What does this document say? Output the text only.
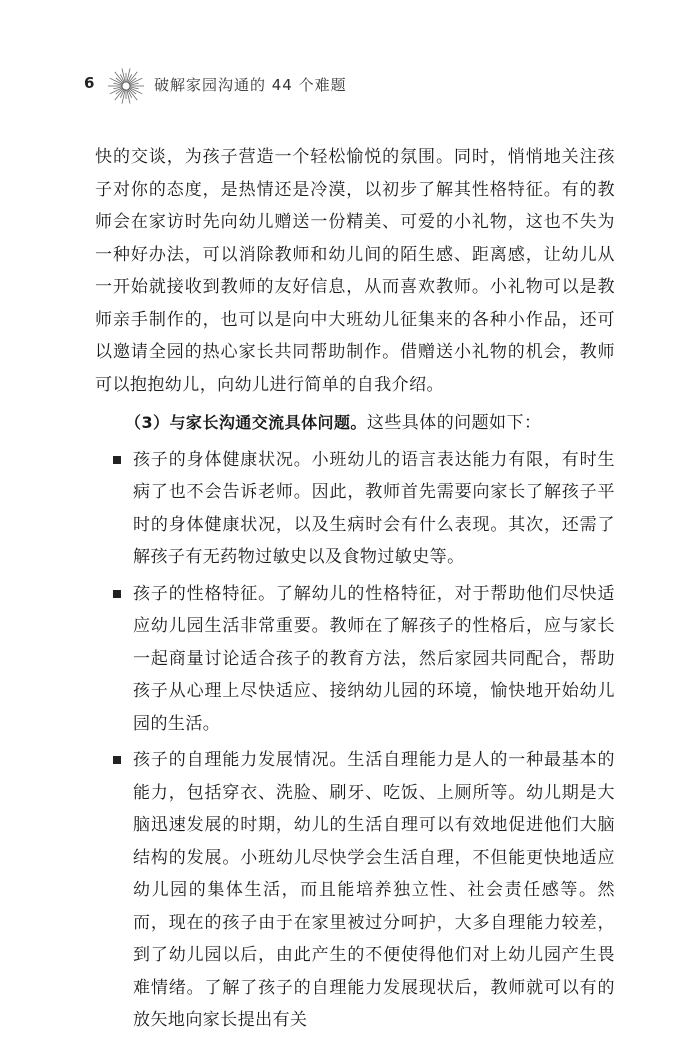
6	破解家园沟通的 44 个难题

快的交谈，为孩子营造一个轻松愉悦的氛围。同时，悄悄地关注孩子对你的态度，是热情还是冷漠，以初步了解其性格特征。有的教师会在家访时先向幼儿赠送一份精美、可爱的小礼物，这也不失为一种好办法，可以消除教师和幼儿间的陌生感、距离感，让幼儿从一开始就接收到教师的友好信息，从而喜欢教师。小礼物可以是教师亲手制作的，也可以是向中大班幼儿征集来的各种小作品，还可以邀请全园的热心家长共同帮助制作。借赠送小礼物的机会，教师可以抱抱幼儿，向幼儿进行简单的自我介绍。

（3）与家长沟通交流具体问题。这些具体的问题如下：

孩子的身体健康状况。小班幼儿的语言表达能力有限，有时生病了也不会告诉老师。因此，教师首先需要向家长了解孩子平时的身体健康状况，以及生病时会有什么表现。其次，还需了解孩子有无药物过敏史以及食物过敏史等。
孩子的性格特征。了解幼儿的性格特征，对于帮助他们尽快适应幼儿园生活非常重要。教师在了解孩子的性格后，应与家长一起商量讨论适合孩子的教育方法，然后家园共同配合，帮助孩子从心理上尽快适应、接纳幼儿园的环境，愉快地开始幼儿园的生活。
孩子的自理能力发展情况。生活自理能力是人的一种最基本的能力，包括穿衣、洗脸、刷牙、吃饭、上厕所等。幼儿期是大脑迅速发展的时期，幼儿的生活自理可以有效地促进他们大脑结构的发展。小班幼儿尽快学会生活自理，不但能更快地适应幼儿园的集体生活，而且能培养独立性、社会责任感等。然而，现在的孩子由于在家里被过分呵护，大多自理能力较差，到了幼儿园以后，由此产生的不便使得他们对上幼儿园产生畏难情绪。了解了孩子的自理能力发展现状后，教师就可以有的放矢地向家长提出有关
